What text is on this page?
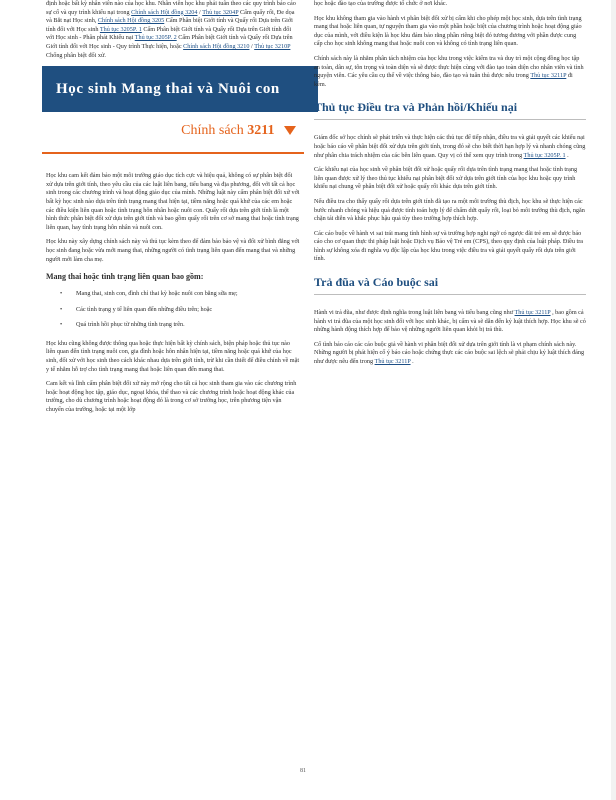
định hoặc bất kỳ nhân viên nào của học khu. Nhân viên học khu phải tuân theo các quy trình báo cáo sự cố và quy trình khiếu nại trong Chính sách Hội đồng 3204 / Thủ tục 3204P Cấm quấy rối, Đe dọa và Bắt nạt Học sinh, Chính sách Hội đồng 3205 Cấm Phân biệt Giới tính và Quấy rối Dựa trên Giới tính đối với Học sinh Thủ tục 3205P. 1 Cấm Phân biệt Giới tính và Quấy rối Dựa trên Giới tính đối với Học sinh - Phân phát Khiếu nại Thủ tục 3205P. 2 Cấm Phân biệt Giới tính và Quấy rối Dựa trên Giới tính đối với Học sinh - Quy trình Thực hiện, hoặc Chính sách Hội đồng 3210 / Thủ tục 3210P Chống phân biệt đối xử.

Học sinh Mang thai và Nuôi con
Chính sách 3211

Học khu cam kết đảm bảo một môi trường giáo dục tích cực và hiệu quả, không có sự phân biệt đối xử dựa trên giới tính, theo yêu cầu của các luật liên bang, tiểu bang và địa phương, đối với tất cả học sinh trong các chương trình và hoạt động giáo dục của mình. Những luật này cấm phân biệt đối xử với bất kỳ học sinh nào dựa trên tình trạng mang thai hiện tại, tiềm năng hoặc quá khứ của các em hoặc các điều kiện liên quan hoặc tình trạng hôn nhân hoặc nuôi con. Quấy rối dựa trên giới tính là một hình thức phân biệt đối xử dựa trên giới tính và bao gồm quấy rối trên cơ sở mang thai hoặc tình trạng liên quan, hay tình trạng hôn nhân và nuôi con.

Học khu này xây dựng chính sách này và thủ tục kèm theo để đảm bảo bảo vệ và đối xử bình đẳng với học sinh đang hoặc vừa mới mang thai, những người có tình trạng liên quan đến mang thai và những người mới làm cha mẹ.

Mang thai hoặc tình trạng liên quan bao gồm:
• Mang thai, sinh con, đình chỉ thai kỳ hoặc nuôi con bằng sữa mẹ;
• Các tình trạng y tế liên quan đến những điều trên; hoặc
• Quá trình hồi phục từ những tình trạng trên.

Học khu cũng không được thông qua hoặc thực hiện bất kỳ chính sách, biện pháp hoặc thủ tục nào liên quan đến tình trạng nuôi con, gia đình hoặc hôn nhân hiện tại, tiềm năng hoặc quá khứ của học sinh, đối xử với học sinh theo cách khác nhau dựa trên giới tính, trừ khi cần thiết để điều chỉnh về mặt y tế nhằm hỗ trợ cho tình trạng mang thai hoặc liên quan đến mang thai.

Cam kết và lĩnh cấm phân biệt đối xử này mở rộng cho tất cả học sinh tham gia vào các chương trình hoặc hoạt động học tập, giáo dục, ngoại khóa, thể thao và các chương trình hoặc hoạt động khác của trường, cho dù chương trình hoặc hoạt động đó là trong cơ sở trường học, trên phương tiện vận chuyển của trường, hoặc tại một lớp

học hoặc đào tạo của trường được tổ chức ở nơi khác.

Học khu không tham gia vào hành vi phân biệt đối xử bị cấm khi cho phép một học sinh, dựa trên tình trạng mang thai hoặc liên quan, tự nguyện tham gia vào một phần hoặc biệt của chương trình hoặc hoạt động giáo dục của mình, với điều kiện là học khu đảm bảo rằng phần riêng biệt đó tương đương với phần được cung cấp cho học sinh không mang thai hoặc nuôi con và không có tình trạng liên quan.

Chính sách này là nhằm phân tách nhiệm của học khu trong việc kiểm tra và duy trì một cộng đồng học tập an toàn, dân sự, tôn trọng và toàn diện và sẽ được thực hiện cùng với đào tạo toàn diện cho nhân viên và tình nguyện viên. Các yêu cầu cụ thể về việc thông báo, đào tạo và tuân thủ được nêu trong Thủ tục 3211P đi kèm.

Thủ tục Điều tra và Phản hồi/Khiếu nại

Giám đốc sở học chính sẽ phát triển và thực hiện các thủ tục để tiếp nhận, điều tra và giải quyết các khiếu nại hoặc báo cáo về phân biệt đối xử dựa trên giới tính, trong đó sẽ cho biết thời hạn hợp lý và nhanh chóng cũng như phân chia trách nhiệm của các bên liên quan. Quy vị có thể xem quy trình trong Thủ tục 3205P. 1 .

Các khiếu nại của học sinh về phân biệt đối xử hoặc quấy rối dựa trên tình trạng mang thai hoặc tình trạng liên quan được xử lý theo thủ tục khiếu nại phân biệt đối xử dựa trên giới tính của học khu hoặc quy trình khiếu nại chung về phân biệt đối xử hoặc quấy rối khác dựa trên giới tính.

Nếu điều tra cho thấy quấy rối dựa trên giới tính đã tạo ra một môi trường thù địch, học khu sẽ thực hiện các bước nhanh chóng và hiệu quả được tính toán hợp lý để chấm dứt quấy rối, loại bỏ môi trường thù địch, ngăn chặn tái diễn và khắc phục hậu quả tùy theo trường hợp thích hợp.

Các cáo buộc về hành vi sai trái mang tính hình sự và trường hợp nghi ngờ có ngược đãi trẻ em sẽ được báo cáo cho cơ quan thực thi pháp luật hoặc Dịch vụ Bảo vệ Trẻ em (CPS), theo quy định của luật pháp. Điều tra hình sự không xóa đi nghĩa vụ độc lập của học khu trong việc điều tra và giải quyết quấy rối dựa trên giới tính.

Trả đũa và Cáo buộc sai

Hành vi trả đũa, như được định nghĩa trong luật liên bang và tiểu bang cũng như Thủ tục 3211P , bao gồm cả hành vi trả đũa của một học sinh đối với học sinh khác, bị cấm và sẽ dẫn đến kỷ luật thích hợp. Học khu sẽ có những hành động thích hợp để bảo vệ những người liên quan khỏi bị trả thù.

Cố tình báo cáo các cáo buộc giả về hành vi phân biệt đối xử dựa trên giới tính là vi phạm chính sách này. Những người bị phát hiện cố ý báo cáo hoặc chứng thực các cáo buộc sai lệch sẽ phải chịu kỷ luật thích đáng như được nêu đến trong Thủ tục 3211P .

81
